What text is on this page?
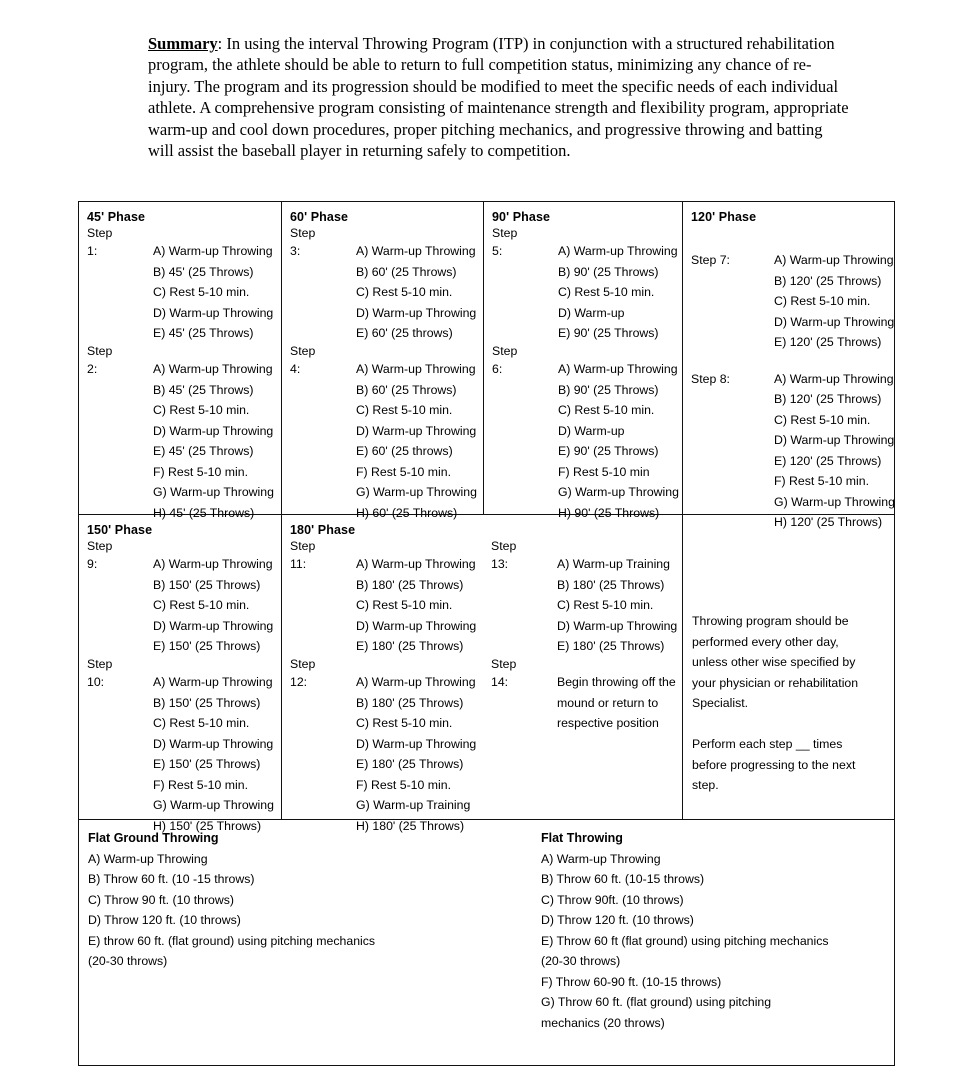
Summary: In using the interval Throwing Program (ITP) in conjunction with a structured rehabilitation program, the athlete should be able to return to full competition status, minimizing any chance of re-injury. The program and its progression should be modified to meet the specific needs of each individual athlete. A comprehensive program consisting of maintenance strength and flexibility program, appropriate warm-up and cool down procedures, proper pitching mechanics, and progressive throwing and batting will assist the baseball player in returning safely to competition.
45' Phase
Step
1:	A) Warm-up Throwing
B) 45' (25 Throws)
C) Rest 5-10 min.
D) Warm-up Throwing
E) 45' (25 Throws)
Step
2:	A) Warm-up Throwing
B) 45' (25 Throws)
C) Rest 5-10 min.
D) Warm-up Throwing
E) 45' (25 Throws)
F) Rest 5-10 min.
G) Warm-up Throwing
H) 45' (25 Throws)
60' Phase
Step
3:	A) Warm-up Throwing
B) 60' (25 Throws)
C) Rest 5-10 min.
D) Warm-up Throwing
E) 60' (25 throws)
Step
4:	A) Warm-up Throwing
B) 60' (25 Throws)
C) Rest 5-10 min.
D) Warm-up Throwing
E) 60' (25 throws)
F) Rest 5-10 min.
G) Warm-up Throwing
H) 60' (25 Throws)
90' Phase
Step
5:	A) Warm-up Throwing
B) 90' (25 Throws)
C) Rest 5-10 min.
D) Warm-up
E) 90' (25 Throws)
Step
6:	A) Warm-up Throwing
B) 90' (25 Throws)
C) Rest 5-10 min.
D) Warm-up
E) 90' (25 Throws)
F) Rest 5-10 min
G) Warm-up Throwing
H) 90' (25 Throws)
120' Phase
Step 7:	A) Warm-up Throwing
B) 120' (25 Throws)
C) Rest 5-10 min.
D) Warm-up Throwing
E) 120' (25 Throws)
Step 8:	A) Warm-up Throwing
B) 120' (25 Throws)
C) Rest 5-10 min.
D) Warm-up Throwing
E) 120' (25 Throws)
F) Rest 5-10 min.
G) Warm-up Throwing
H) 120' (25 Throws)
150' Phase
Step
9:	A) Warm-up Throwing
B) 150' (25 Throws)
C) Rest 5-10 min.
D) Warm-up Throwing
E) 150' (25 Throws)
Step
10:	A) Warm-up Throwing
B) 150' (25 Throws)
C) Rest 5-10 min.
D) Warm-up Throwing
E) 150' (25 Throws)
F) Rest 5-10 min.
G) Warm-up Throwing
H) 150' (25 Throws)
180' Phase
Step
11:	A) Warm-up Throwing
B) 180' (25 Throws)
C) Rest 5-10 min.
D) Warm-up Throwing
E) 180' (25 Throws)
Step
12:	A) Warm-up Throwing
B) 180' (25 Throws)
C) Rest 5-10 min.
D) Warm-up Throwing
E) 180' (25 Throws)
F) Rest 5-10 min.
G) Warm-up Training
H) 180' (25 Throws)

Step
13:	A) Warm-up Training
B) 180' (25 Throws)
C) Rest 5-10 min.
D) Warm-up Throwing
E) 180' (25 Throws)
Step
14:	Begin throwing off the
mound or return to
respective position

Throwing program should be

performed every other day,

unless other wise specified by

your physician or rehabilitation

Specialist.

Perform each step __ times

before progressing to the next

step.

Flat Ground Throwing
A) Warm-up Throwing
B) Throw 60 ft. (10 -15 throws)
C) Throw 90 ft. (10 throws)
D) Throw 120 ft. (10 throws)
E) throw 60 ft. (flat ground) using pitching mechanics
(20-30 throws)
Flat Throwing
A) Warm-up Throwing
B) Throw 60 ft. (10-15 throws)
C) Throw 90ft. (10 throws)
D) Throw 120 ft. (10 throws)
E) Throw 60 ft (flat ground) using pitching mechanics
(20-30 throws)
F) Throw 60-90 ft. (10-15 throws)
G) Throw 60 ft. (flat ground) using pitching
mechanics (20 throws)
